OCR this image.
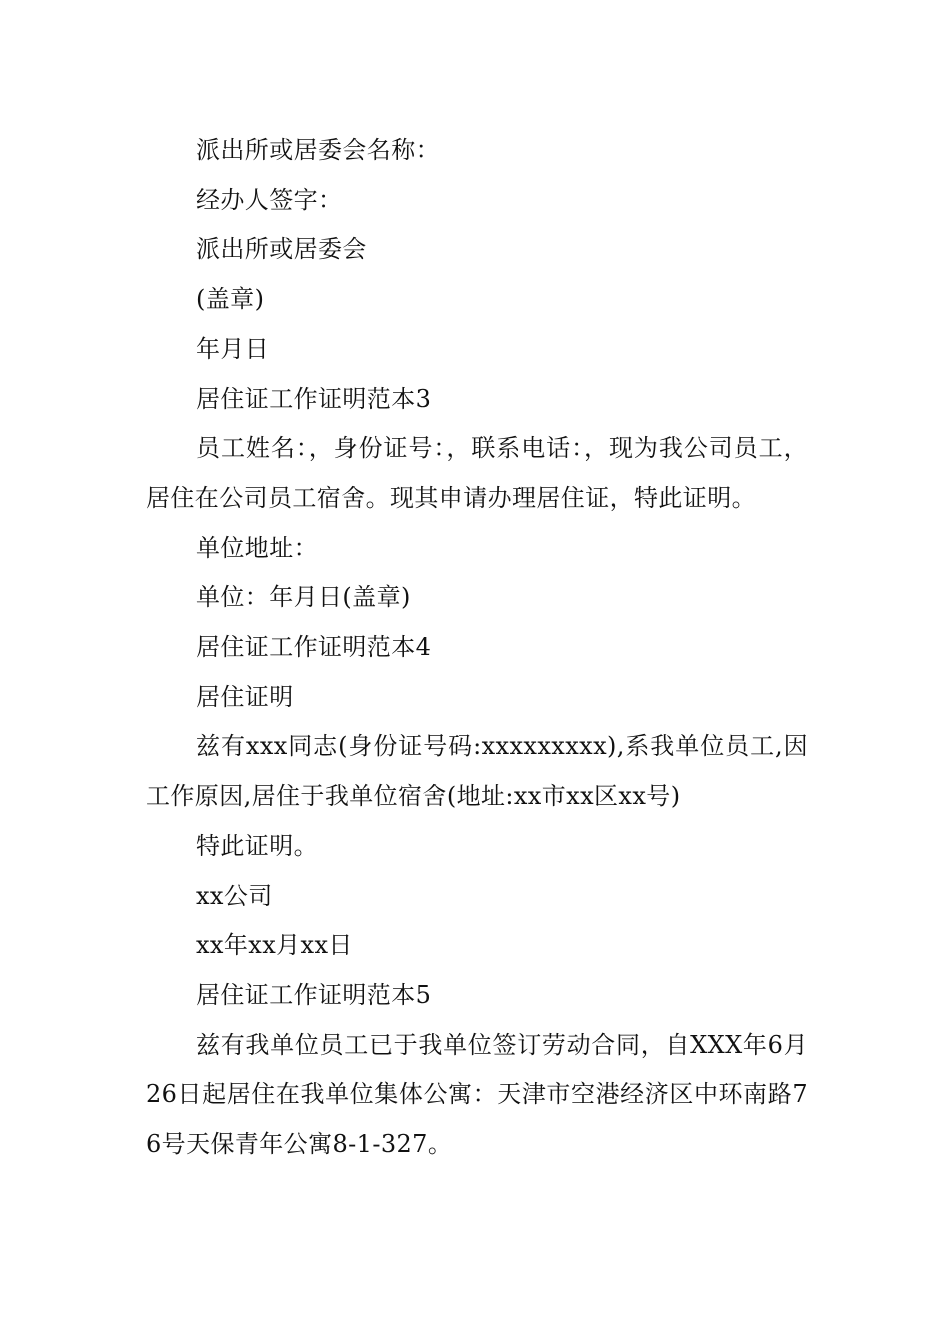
派出所或居委会名称：

经办人签字：

派出所或居委会

(盖章)

年月日

居住证工作证明范本3

员工姓名：，身份证号：，联系电话：，现为我公司员工，居住在公司员工宿舍。现其申请办理居住证，特此证明。

单位地址：

单位：年月日(盖章)

居住证工作证明范本4

居住证明

兹有xxx同志(身份证号码:xxxxxxxxx),系我单位员工,因工作原因,居住于我单位宿舍(地址:xx市xx区xx号)

特此证明。

xx公司

xx年xx月xx日

居住证工作证明范本5

兹有我单位员工已于我单位签订劳动合同，自XXX年6月26日起居住在我单位集体公寓：天津市空港经济区中环南路76号天保青年公寓8-1-327。
